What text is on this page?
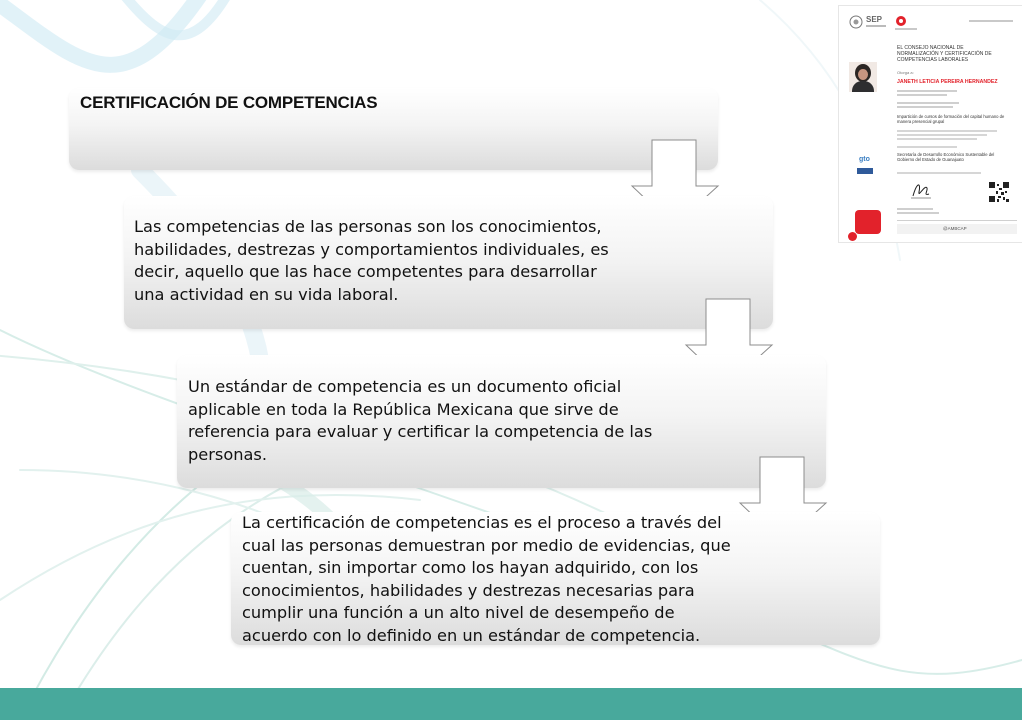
CERTIFICACIÓN DE COMPETENCIAS

Las competencias de las personas son los conocimientos, habilidades, destrezas y comportamientos individuales, es decir, aquello que las hace competentes para desarrollar una actividad en su vida laboral.

Un estándar de competencia es un documento oficial aplicable en toda la República Mexicana que sirve de referencia para evaluar y certificar la competencia de las personas.

La certificación de competencias es el proceso a través del cual las personas demuestran por medio de evidencias, que cuentan, sin importar como los hayan adquirido, con los conocimientos, habilidades y destrezas necesarias para cumplir una función a un alto nivel de desempeño de acuerdo con lo definido en un estándar de competencia.

SEP
EL CONSEJO NACIONAL DE
NORMALIZACIÓN Y CERTIFICACIÓN DE
COMPETENCIAS LABORALES
Otorga a:
JANETH LETICIA PEREIRA HERNANDEZ
Impartición de cursos de formación del capital humano de
manera presencial grupal
Secretaría de Desarrollo Económico Sustentable del
Gobierno del Estado de Guanajuato
gto
@AMBCAP
